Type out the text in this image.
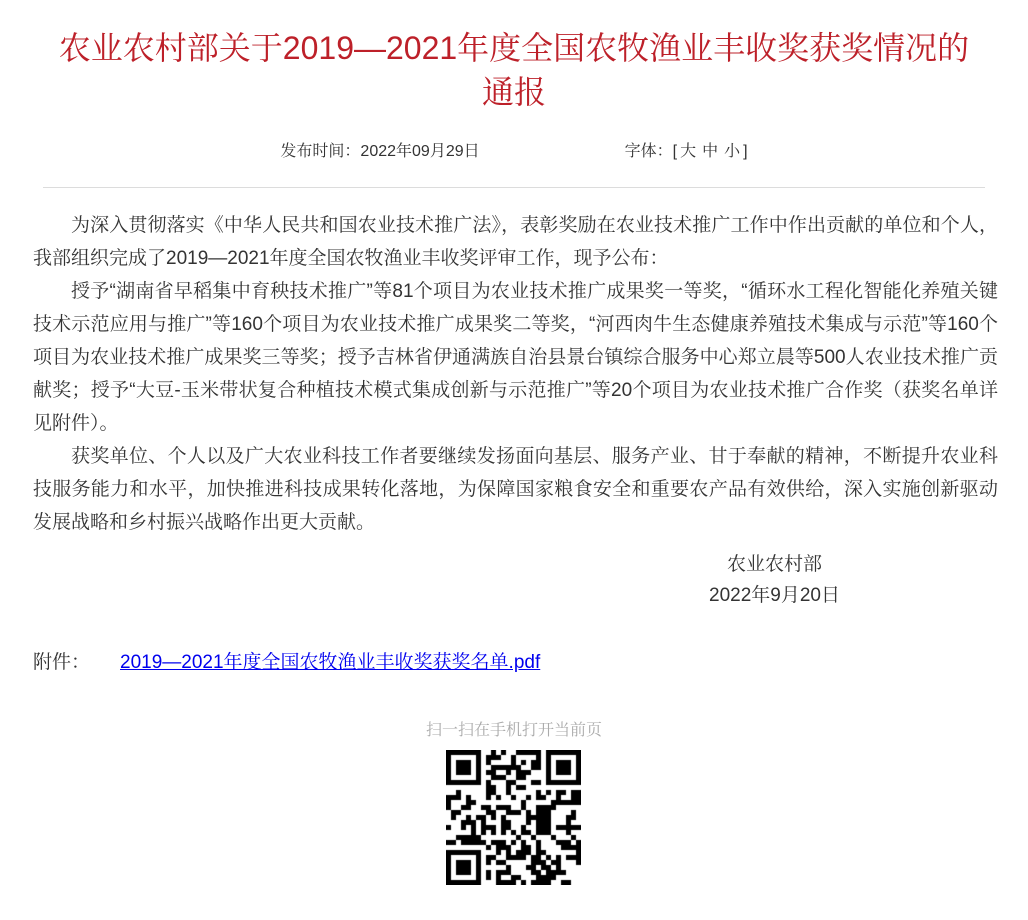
农业农村部关于2019—2021年度全国农牧渔业丰收奖获奖情况的通报
发布时间：2022年09月29日	字体：[ 大 中 小 ]

为深入贯彻落实《中华人民共和国农业技术推广法》，表彰奖励在农业技术推广工作中作出贡献的单位和个人，我部组织完成了2019—2021年度全国农牧渔业丰收奖评审工作，现予公布：

授予“湖南省早稻集中育秧技术推广”等81个项目为农业技术推广成果奖一等奖，“循环水工程化智能化养殖关键技术示范应用与推广”等160个项目为农业技术推广成果奖二等奖，“河西肉牛生态健康养殖技术集成与示范”等160个项目为农业技术推广成果奖三等奖；授予吉林省伊通满族自治县景台镇综合服务中心郑立晨等500人农业技术推广贡献奖；授予“大豆-玉米带状复合种植技术模式集成创新与示范推广”等20个项目为农业技术推广合作奖（获奖名单详见附件）。

获奖单位、个人以及广大农业科技工作者要继续发扬面向基层、服务产业、甘于奉献的精神，不断提升农业科技服务能力和水平，加快推进科技成果转化落地，为保障国家粮食安全和重要农产品有效供给，深入实施创新驱动发展战略和乡村振兴战略作出更大贡献。

农业农村部
2022年9月20日
附件： 2019—2021年度全国农牧渔业丰收奖获奖名单.pdf
扫一扫在手机打开当前页
